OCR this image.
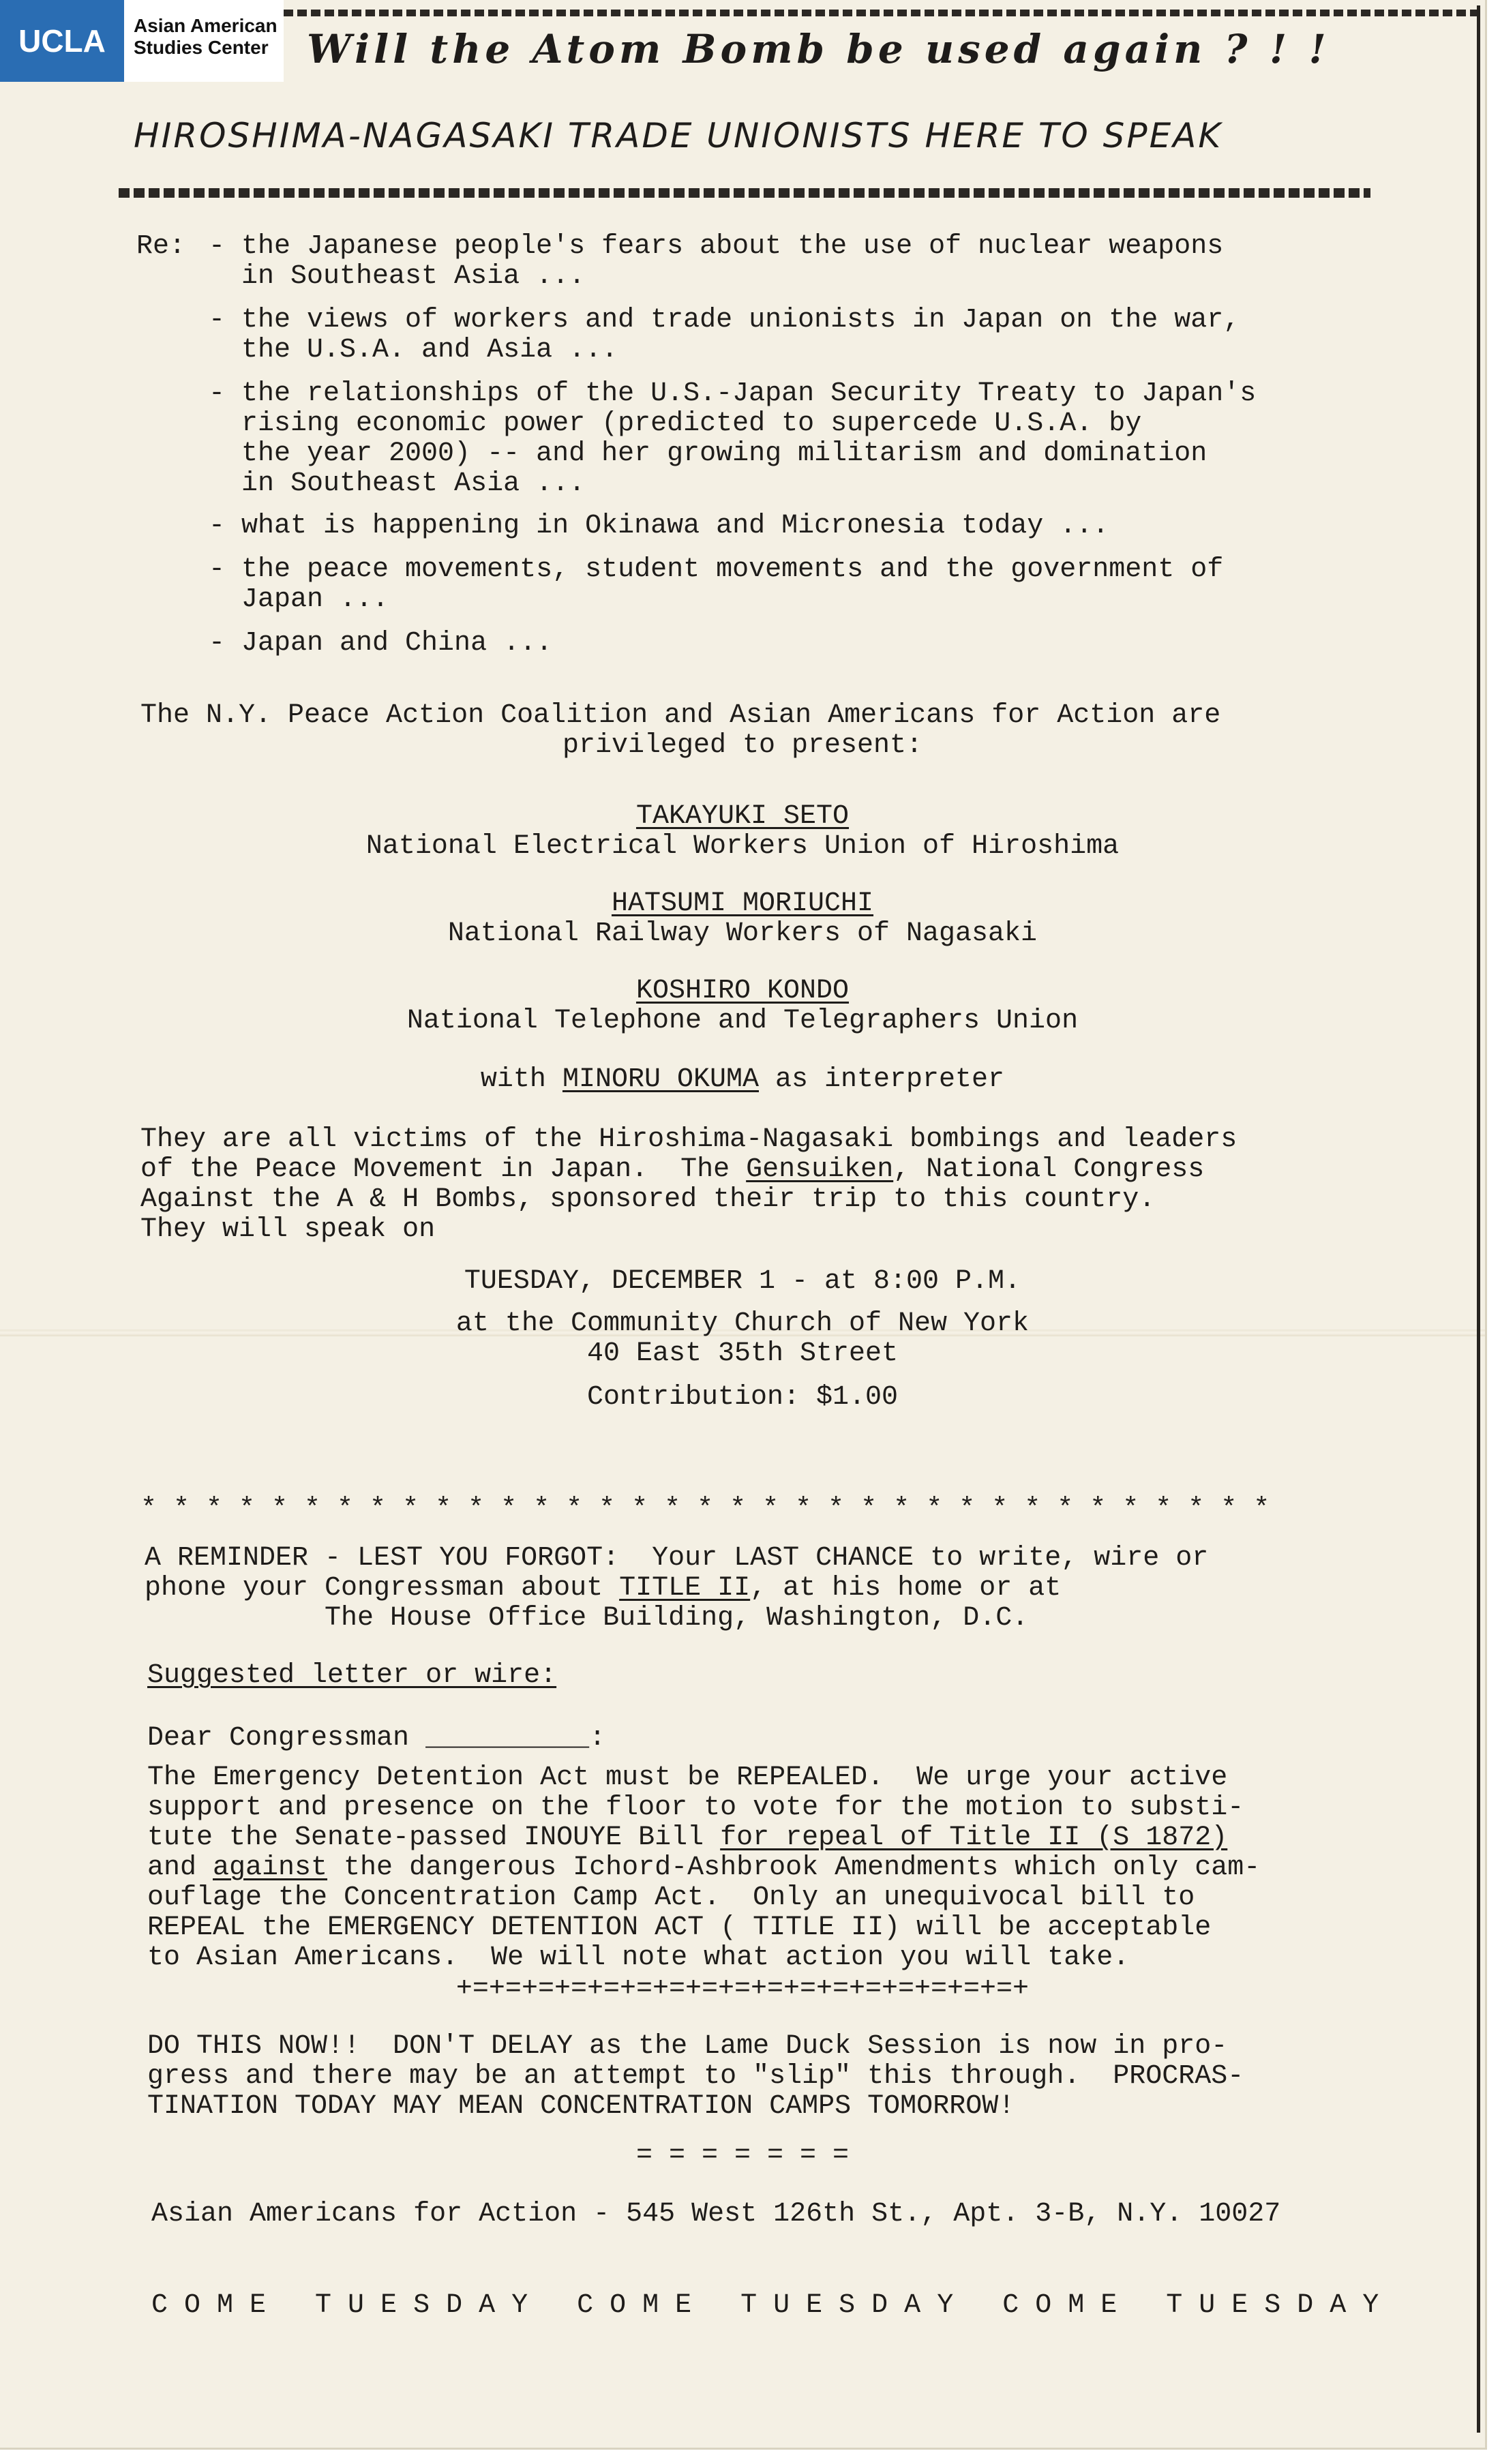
UCLA	Asian American
Studies Center Will the Atom Bomb be used again ? ! !
HIROSHIMA-NAGASAKI TRADE UNIONISTS HERE TO SPEAK
Re: - the Japanese people's fears about the use of nuclear weapons
in Southeast Asia ...
- the views of workers and trade unionists in Japan on the war,
the U.S.A. and Asia ...
- the relationships of the U.S.-Japan Security Treaty to Japan's
rising economic power (predicted to supercede U.S.A. by
the year 2000) -- and her growing militarism and domination
in Southeast Asia ...
- what is happening in Okinawa and Micronesia today ...
- the peace movements, student movements and the government of
Japan ...
- Japan and China ...
The N.Y. Peace Action Coalition and Asian Americans for Action are
privileged to present:
TAKAYUKI SETO
National Electrical Workers Union of Hiroshima
HATSUMI MORIUCHI
National Railway Workers of Nagasaki
KOSHIRO KONDO
National Telephone and Telegraphers Union
with MINORU OKUMA as interpreter
They are all victims of the Hiroshima-Nagasaki bombings and leaders
of the Peace Movement in Japan.  The Gensuiken, National Congress
Against the A & H Bombs, sponsored their trip to this country.
They will speak on
TUESDAY, DECEMBER 1 - at 8:00 P.M.
at the Community Church of New York
40 East 35th Street
Contribution: $1.00
* * * * * * * * * * * * * * * * * * * * * * * * * * * * * * * * * * *
A REMINDER - LEST YOU FORGOT:  Your LAST CHANCE to write, wire or
phone your Congressman about TITLE II, at his home or at
The House Office Building, Washington, D.C.
Suggested letter or wire:
Dear Congressman __________:
The Emergency Detention Act must be REPEALED.  We urge your active
support and presence on the floor to vote for the motion to substi-
tute the Senate-passed INOUYE Bill for repeal of Title II (S 1872)
and against the dangerous Ichord-Ashbrook Amendments which only cam-
ouflage the Concentration Camp Act.  Only an unequivocal bill to
REPEAL the EMERGENCY DETENTION ACT ( TITLE II) will be acceptable
to Asian Americans.  We will note what action you will take.
+=+=+=+=+=+=+=+=+=+=+=+=+=+=+=+=+=+
DO THIS NOW!!  DON'T DELAY as the Lame Duck Session is now in pro-
gress and there may be an attempt to "slip" this through.  PROCRAS-
TINATION TODAY MAY MEAN CONCENTRATION CAMPS TOMORROW!
= = = = = = =
Asian Americans for Action - 545 West 126th St., Apt. 3-B, N.Y. 10027
C O M E   T U E S D A Y   C O M E   T U E S D A Y   C O M E   T U E S D A Y
